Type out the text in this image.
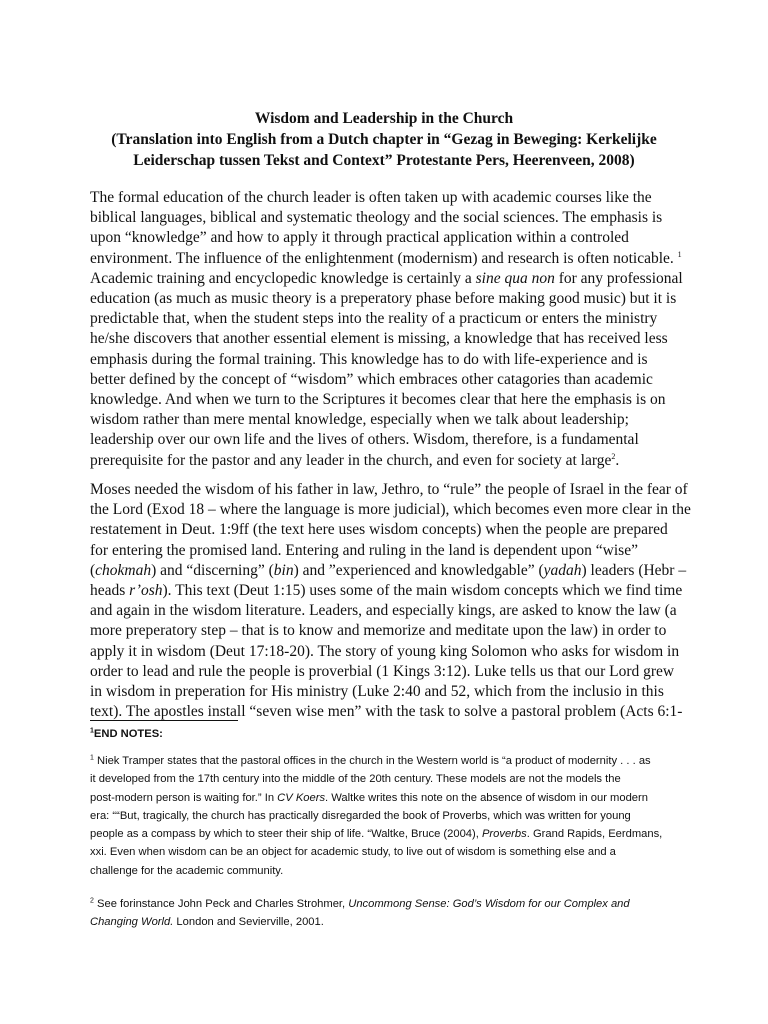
Wisdom and Leadership in the Church
(Translation into English from a Dutch chapter in “Gezag in Beweging: Kerkelijke
Leiderschap tussen Tekst and Context” Protestante Pers, Heerenveen, 2008)
The formal education of the church leader is often taken up with academic courses like the
biblical languages, biblical and systematic theology and the social sciences. The emphasis is
upon “knowledge” and how to apply it through practical application within a controled
environment. The influence of the enlightenment (modernism) and research is often noticable. $^1$
Academic training and encyclopedic knowledge is certainly a sine qua non for any professional
education (as much as music theory is a preperatory phase before making good music) but it is
predictable that, when the student steps into the reality of a practicum or enters the ministry
he/she discovers that another essential element is missing, a knowledge that has received less
emphasis during the formal training. This knowledge has to do with life-experience and is
better defined by the concept of “wisdom” which embraces other catagories than academic
knowledge. And when we turn to the Scriptures it becomes clear that here the emphasis is on
wisdom rather than mere mental knowledge, especially when we talk about leadership;
leadership over our own life and the lives of others. Wisdom, therefore, is a fundamental
prerequisite for the pastor and any leader in the church, and even for society at large$^2$.
Moses needed the wisdom of his father in law, Jethro, to “rule” the people of Israel in the fear of
the Lord (Exod 18 – where the language is more judicial), which becomes even more clear in the
restatement in Deut. 1:9ff (the text here uses wisdom concepts) when the people are prepared
for entering the promised land. Entering and ruling in the land is dependent upon “wise”
(chokmah) and “discerning” (bin) and ”experienced and knowledgable” (yadah) leaders (Hebr –
heads r’osh). This text (Deut 1:15) uses some of the main wisdom concepts which we find time
and again in the wisdom literature. Leaders, and especially kings, are asked to know the law (a
more preperatory step – that is to know and memorize and meditate upon the law) in order to
apply it in wisdom (Deut 17:18-20). The story of young king Solomon who asks for wisdom in
order to lead and rule the people is proverbial (1 Kings 3:12). Luke tells us that our Lord grew
in wisdom in preperation for His ministry (Luke 2:40 and 52, which from the inclusio in this
text). The apostles install “seven wise men” with the task to solve a pastoral problem (Acts 6:1-
$^1$END NOTES:
$^1$ Niek Tramper states that the pastoral offices in the church in the Western world is “a product of modernity . . . as
it developed from the 17th century into the middle of the 20th century. These models are not the models the
post-modern person is waiting for.” In CV Koers. Waltke writes this note on the absence of wisdom in our modern
era: ““But, tragically, the church has practically disregarded the book of Proverbs, which was written for young
people as a compass by which to steer their ship of life. “Waltke, Bruce (2004), Proverbs. Grand Rapids, Eerdmans,
xxi. Even when wisdom can be an object for academic study, to live out of wisdom is something else and a
challenge for the academic community.
$^2$ See forinstance John Peck and Charles Strohmer, Uncommong Sense: God’s Wisdom for our Complex and
Changing World. London and Sevierville, 2001.
